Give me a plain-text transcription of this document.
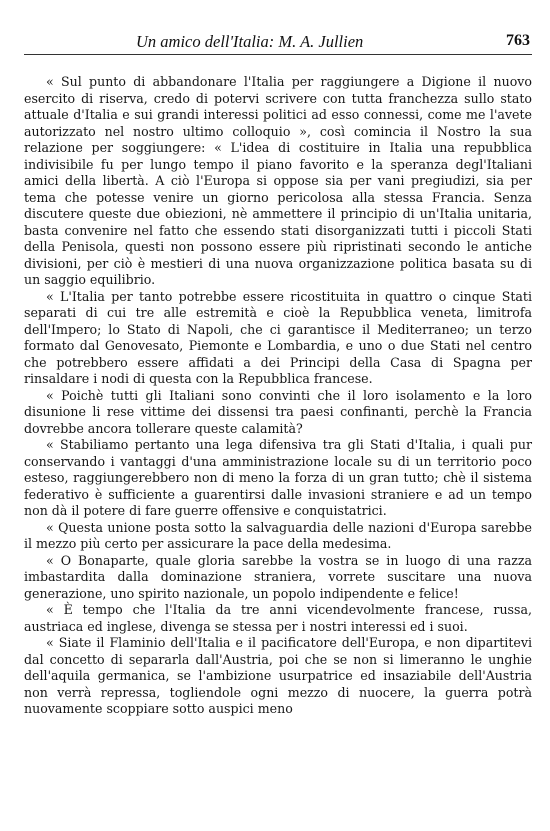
Un amico dell'Italia: M. A. Jullien	763

« Sul punto di abbandonare l'Italia per raggiungere a Digione il nuovo esercito di riserva, credo di potervi scrivere con tutta franchezza sullo stato attuale d'Italia e sui grandi interessi politici ad esso connessi, come me l'avete autorizzato nel nostro ultimo colloquio », così comincia il Nostro la sua relazione per soggiungere: « L'idea di costituire in Italia una repubblica indivisibile fu per lungo tempo il piano favorito e la speranza degl'Italiani amici della libertà. A ciò l'Europa si oppose sia per vani pregiudizi, sia per tema che potesse venire un giorno pericolosa alla stessa Francia. Senza discutere queste due obiezioni, nè ammettere il principio di un'Italia unitaria, basta convenire nel fatto che essendo stati disorganizzati tutti i piccoli Stati della Penisola, questi non possono essere più ripristinati secondo le antiche divisioni, per ciò è mestieri di una nuova organizzazione politica basata su di un saggio equilibrio.

« L'Italia per tanto potrebbe essere ricostituita in quattro o cinque Stati separati di cui tre alle estremità e cioè la Repubblica veneta, limitrofa dell'Impero; lo Stato di Napoli, che ci garantisce il Mediterraneo; un terzo formato dal Genovesato, Piemonte e Lombardia, e uno o due Stati nel centro che potrebbero essere affidati a dei Principi della Casa di Spagna per rinsaldare i nodi di questa con la Repubblica francese.

« Poichè tutti gli Italiani sono convinti che il loro isolamento e la loro disunione li rese vittime dei dissensi tra paesi confinanti, perchè la Francia dovrebbe ancora tollerare queste calamità?

« Stabiliamo pertanto una lega difensiva tra gli Stati d'Italia, i quali pur conservando i vantaggi d'una amministrazione locale su di un territorio poco esteso, raggiungerebbero non di meno la forza di un gran tutto; chè il sistema federativo è sufficiente a guarentirsi dalle invasioni straniere e ad un tempo non dà il potere di fare guerre offensive e conquistatrici.

« Questa unione posta sotto la salvaguardia delle nazioni d'Europa sarebbe il mezzo più certo per assicurare la pace della medesima.

« O Bonaparte, quale gloria sarebbe la vostra se in luogo di una razza imbastardita dalla dominazione straniera, vorrete suscitare una nuova generazione, uno spirito nazionale, un popolo indipendente e felice!

« È tempo che l'Italia da tre anni vicendevolmente francese, russa, austriaca ed inglese, divenga se stessa per i nostri interessi ed i suoi.

« Siate il Flaminio dell'Italia e il pacificatore dell'Europa, e non dipartitevi dal concetto di separarla dall'Austria, poi che se non si limeranno le unghie dell'aquila germanica, se l'ambizione usurpatrice ed insaziabile dell'Austria non verrà repressa, togliendole ogni mezzo di nuocere, la guerra potrà nuovamente scoppiare sotto auspici meno
